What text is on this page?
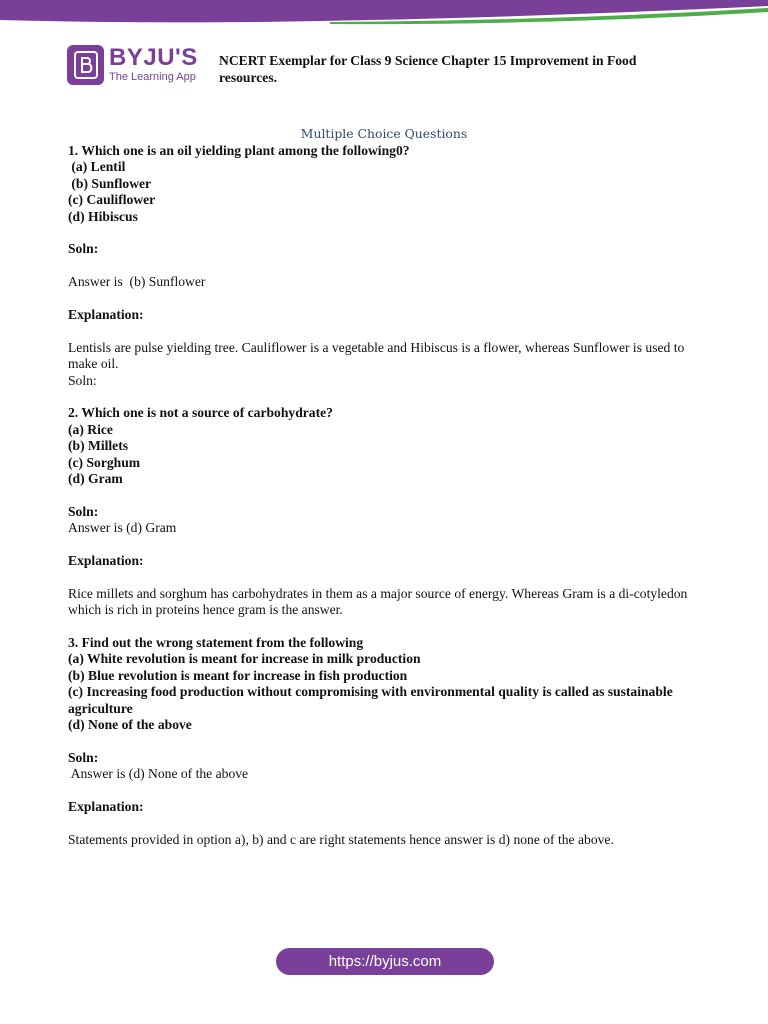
BYJU'S
The Learning App
NCERT Exemplar for Class 9 Science Chapter 15 Improvement in Food resources.
Multiple Choice Questions
1. Which one is an oil yielding plant among the following0?
(a) Lentil
(b) Sunflower
(c) Cauliflower
(d) Hibiscus
Soln:
Answer is  (b) Sunflower
Explanation:
Lentisls are pulse yielding tree. Cauliflower is a vegetable and Hibiscus is a flower, whereas Sunflower is used to make oil.
Soln:
2. Which one is not a source of carbohydrate?
(a) Rice
(b) Millets
(c) Sorghum
(d) Gram
Soln:
Answer is (d) Gram
Explanation:
Rice millets and sorghum has carbohydrates in them as a major source of energy. Whereas Gram is a di-cotyledon which is rich in proteins hence gram is the answer.
3. Find out the wrong statement from the following
(a) White revolution is meant for increase in milk production
(b) Blue revolution is meant for increase in fish production
(c) Increasing food production without compromising with environmental quality is called as sustainable agriculture
(d) None of the above
Soln:
Answer is (d) None of the above
Explanation:
Statements provided in option a), b) and c are right statements hence answer is d) none of the above.
https://byjus.com
